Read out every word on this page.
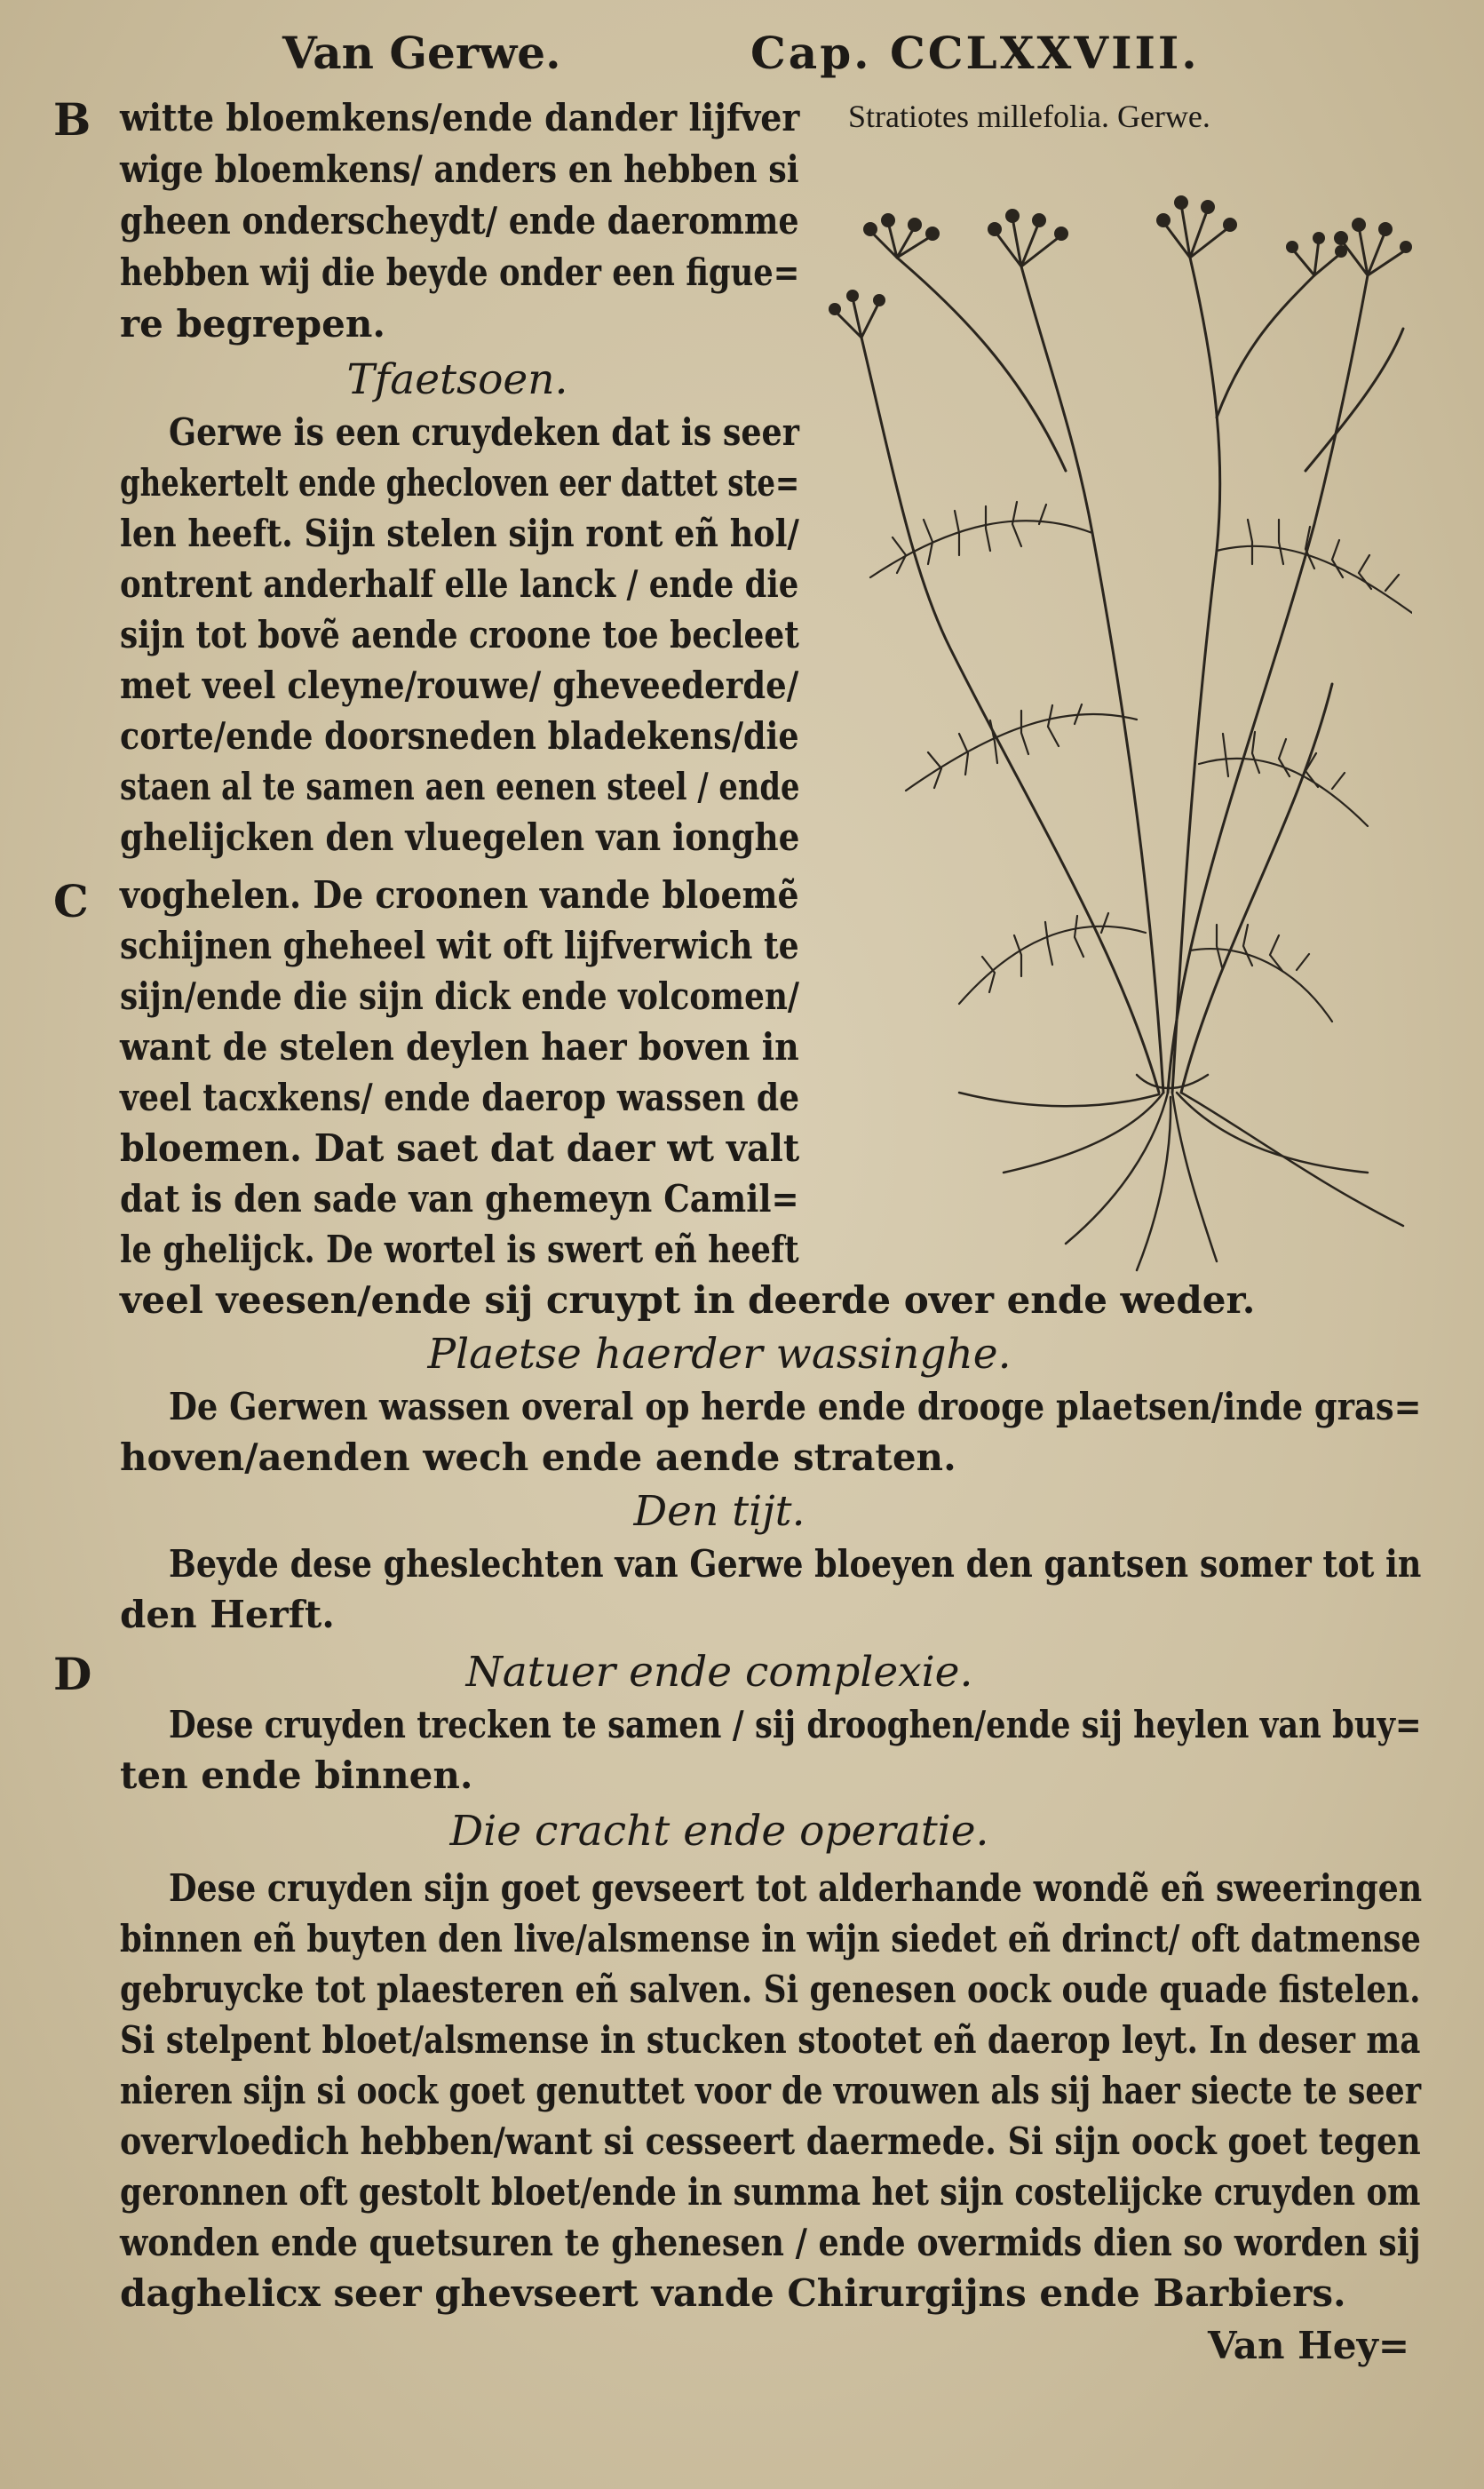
Van Gerwe.	Cap. CCLXXVIII.
Stratiotes millefolia. Gerwe.
B
C
D
witte bloemkens/ende dander lijfver
wige bloemkens/ anders en hebben si
gheen onderscheydt/ ende daeromme
hebben wij die beyde onder een figue=
re begrepen.
Tfaetsoen.
Gerwe is een cruydeken dat is seer
ghekertelt ende ghecloven eer dattet ste=
len heeft. Sijn stelen sijn ront eñ hol/
ontrent anderhalf elle lanck / ende die
sijn tot bovẽ aende croone toe becleet
met veel cleyne/rouwe/ gheveederde/
corte/ende doorsneden bladekens/die
staen al te samen aen eenen steel / ende
ghelijcken den vluegelen van ionghe
voghelen. De croonen vande bloemẽ
schijnen gheheel wit oft lijfverwich te
sijn/ende die sijn dick ende volcomen/
want de stelen deylen haer boven in
veel tacxkens/ ende daerop wassen de
bloemen. Dat saet dat daer wt valt
dat is den sade van ghemeyn Camil=
le ghelijck. De wortel is swert eñ heeft
veel veesen/ende sij cruypt in deerde over ende weder.
Plaetse haerder wassinghe.
De Gerwen wassen overal op herde ende drooge plaetsen/inde gras=
hoven/aenden wech ende aende straten.
Den tijt.
Beyde dese gheslechten van Gerwe bloeyen den gantsen somer tot in
den Herft.
Natuer ende complexie.
Dese cruyden trecken te samen / sij drooghen/ende sij heylen van buy=
ten ende binnen.
Die cracht ende operatie.
Dese cruyden sijn goet gevseert tot alderhande wondẽ eñ sweeringen
binnen eñ buyten den live/alsmense in wijn siedet eñ drinct/ oft datmense
gebruycke tot plaesteren eñ salven. Si genesen oock oude quade fistelen.
Si stelpent bloet/alsmense in stucken stootet eñ daerop leyt. In deser ma
nieren sijn si oock goet genuttet voor de vrouwen als sij haer siecte te seer
overvloedich hebben/want si cesseert daermede. Si sijn oock goet tegen
geronnen oft gestolt bloet/ende in summa het sijn costelijcke cruyden om
wonden ende quetsuren te ghenesen / ende overmids dien so worden sij
daghelicx seer ghevseert vande Chirurgijns ende Barbiers.
Van Hey=
